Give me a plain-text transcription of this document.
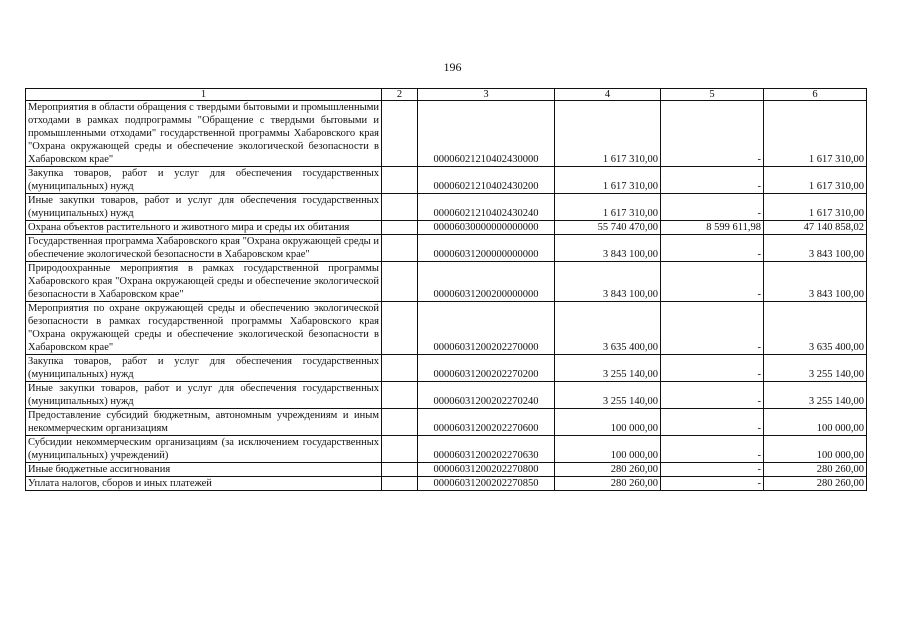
196
1	2	3	4	5	6
Мероприятия в области обращения с твердыми бытовыми и промышленными отходами в рамках подпрограммы "Обращение с твердыми бытовыми и промышленными отходами" государственной программы Хабаровского края "Охрана окружающей среды и обеспечение экологической безопасности в Хабаровском крае"		00006021210402430000	1 617 310,00	-	1 617 310,00
Закупка товаров, работ и услуг для обеспечения государственных (муниципальных) нужд		00006021210402430200	1 617 310,00	-	1 617 310,00
Иные закупки товаров, работ и услуг для обеспечения государственных (муниципальных) нужд		00006021210402430240	1 617 310,00	-	1 617 310,00
Охрана объектов растительного и животного мира и среды их обитания		00006030000000000000	55 740 470,00	8 599 611,98	47 140 858,02
Государственная программа Хабаровского края "Охрана окружающей среды и обеспечение экологической безопасности в Хабаровском крае"		00006031200000000000	3 843 100,00	-	3 843 100,00
Природоохранные мероприятия в рамках государственной программы Хабаровского края "Охрана окружающей среды и обеспечение экологической безопасности в Хабаровском крае"		00006031200200000000	3 843 100,00	-	3 843 100,00
Мероприятия по охране окружающей среды и обеспечению экологической безопасности в рамках государственной программы Хабаровского края "Охрана окружающей среды и обеспечение экологической безопасности в Хабаровском крае"		00006031200202270000	3 635 400,00	-	3 635 400,00
Закупка товаров, работ и услуг для обеспечения государственных (муниципальных) нужд		00006031200202270200	3 255 140,00	-	3 255 140,00
Иные закупки товаров, работ и услуг для обеспечения государственных (муниципальных) нужд		00006031200202270240	3 255 140,00	-	3 255 140,00
Предоставление субсидий бюджетным, автономным учреждениям и иным некоммерческим организациям		00006031200202270600	100 000,00	-	100 000,00
Субсидии некоммерческим организациям (за исключением государственных (муниципальных) учреждений)		00006031200202270630	100 000,00	-	100 000,00
Иные бюджетные ассигнования		00006031200202270800	280 260,00	-	280 260,00
Уплата налогов, сборов и иных платежей		00006031200202270850	280 260,00	-	280 260,00
